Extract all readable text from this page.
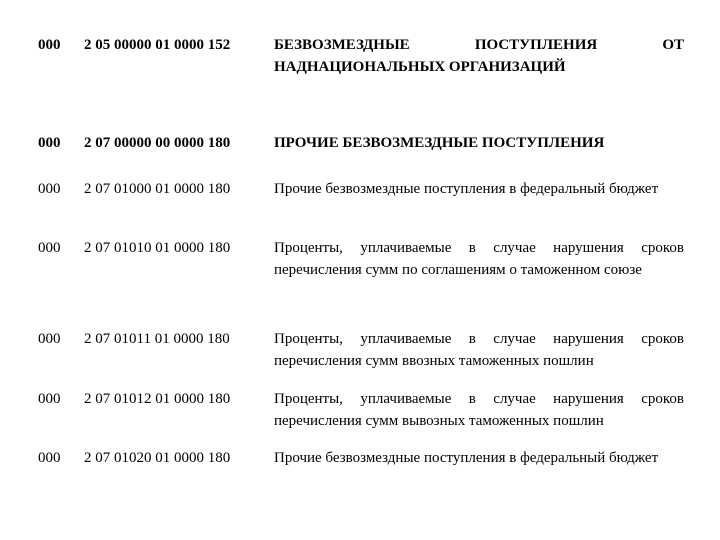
000	2 05 00000 01 0000 152	БЕЗВОЗМЕЗДНЫЕ ПОСТУПЛЕНИЯ ОТ НАДНАЦИОНАЛЬНЫХ ОРГАНИЗАЦИЙ
000	2 07 00000 00 0000 180	ПРОЧИЕ БЕЗВОЗМЕЗДНЫЕ ПОСТУПЛЕНИЯ
000	2 07 01000 01 0000 180	Прочие безвозмездные поступления в федеральный бюджет
000	2 07 01010 01 0000 180	Проценты, уплачиваемые в случае нарушения сроков перечисления сумм по соглашениям о таможенном союзе
000	2 07 01011 01 0000 180	Проценты, уплачиваемые в случае нарушения сроков перечисления сумм ввозных таможенных пошлин
000	2 07 01012 01 0000 180	Проценты, уплачиваемые в случае нарушения сроков перечисления сумм вывозных таможенных пошлин
000	2 07 01020 01 0000 180	Прочие безвозмездные поступления в федеральный бюджет
